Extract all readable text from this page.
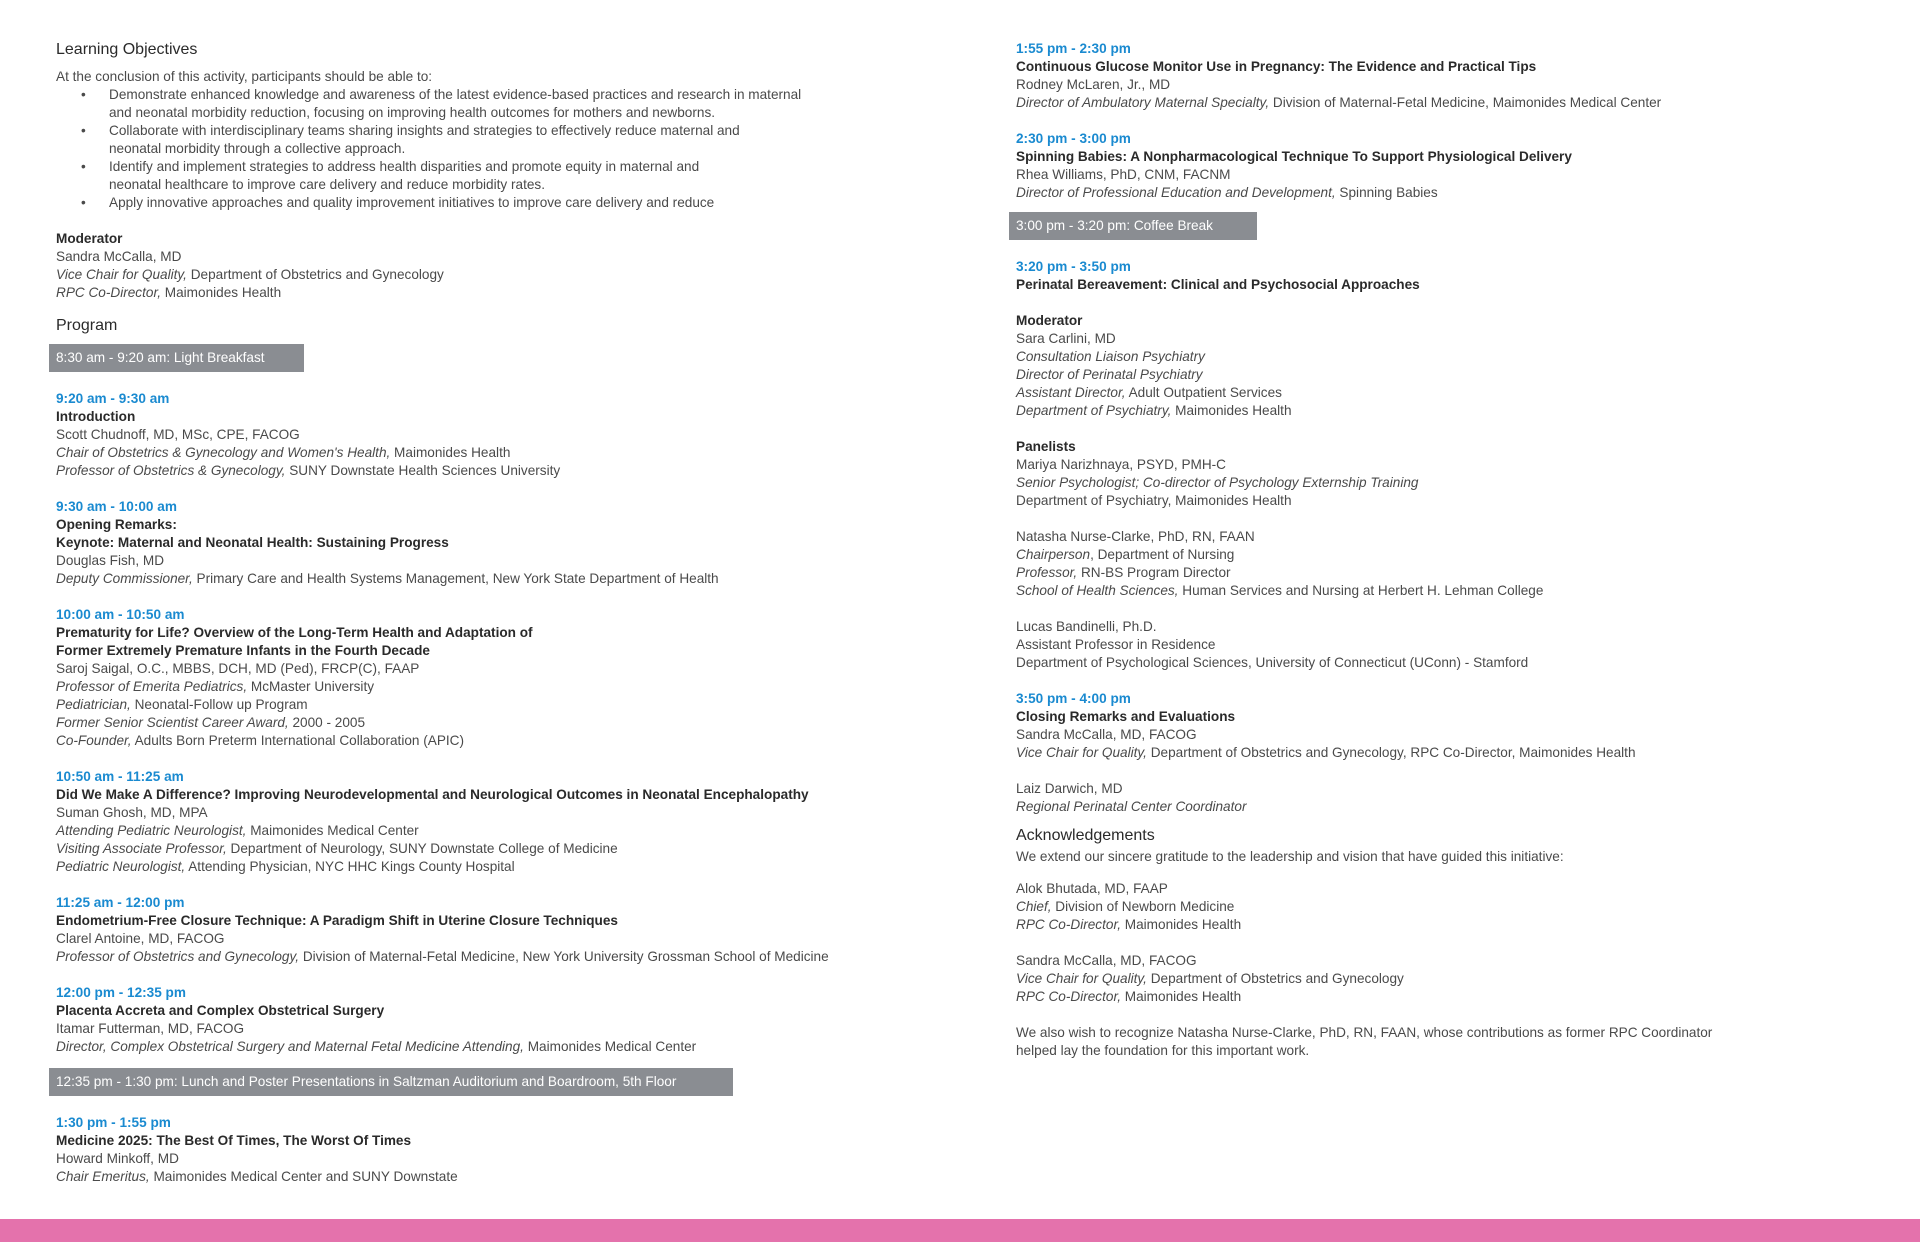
Learning Objectives
At the conclusion of this activity, participants should be able to:
• Demonstrate enhanced knowledge and awareness of the latest evidence-based practices and research in maternal
and neonatal morbidity reduction, focusing on improving health outcomes for mothers and newborns.
• Collaborate with interdisciplinary teams sharing insights and strategies to effectively reduce maternal and
neonatal morbidity through a collective approach.
• Identify and implement strategies to address health disparities and promote equity in maternal and
neonatal healthcare to improve care delivery and reduce morbidity rates.
• Apply innovative approaches and quality improvement initiatives to improve care delivery and reduce
Moderator
Sandra McCalla, MD
Vice Chair for Quality, Department of Obstetrics and Gynecology
RPC Co-Director, Maimonides Health
Program
8:30 am - 9:20 am: Light Breakfast
9:20 am - 9:30 am
Introduction
Scott Chudnoff, MD, MSc, CPE, FACOG
Chair of Obstetrics & Gynecology and Women's Health, Maimonides Health
Professor of Obstetrics & Gynecology, SUNY Downstate Health Sciences University
9:30 am - 10:00 am
Opening Remarks:
Keynote: Maternal and Neonatal Health: Sustaining Progress
Douglas Fish, MD
Deputy Commissioner, Primary Care and Health Systems Management, New York State Department of Health
10:00 am - 10:50 am
Prematurity for Life? Overview of the Long-Term Health and Adaptation of
Former Extremely Premature Infants in the Fourth Decade
Saroj Saigal, O.C., MBBS, DCH, MD (Ped), FRCP(C), FAAP
Professor of Emerita Pediatrics, McMaster University
Pediatrician, Neonatal-Follow up Program
Former Senior Scientist Career Award, 2000 - 2005
Co-Founder, Adults Born Preterm International Collaboration (APIC)
10:50 am - 11:25 am
Did We Make A Difference? Improving Neurodevelopmental and Neurological Outcomes in Neonatal Encephalopathy
Suman Ghosh, MD, MPA
Attending Pediatric Neurologist, Maimonides Medical Center
Visiting Associate Professor, Department of Neurology, SUNY Downstate College of Medicine
Pediatric Neurologist, Attending Physician, NYC HHC Kings County Hospital
11:25 am - 12:00 pm
Endometrium-Free Closure Technique: A Paradigm Shift in Uterine Closure Techniques
Clarel Antoine, MD, FACOG
Professor of Obstetrics and Gynecology, Division of Maternal-Fetal Medicine, New York University Grossman School of Medicine
12:00 pm - 12:35 pm
Placenta Accreta and Complex Obstetrical Surgery
Itamar Futterman, MD, FACOG
Director, Complex Obstetrical Surgery and Maternal Fetal Medicine Attending, Maimonides Medical Center
12:35 pm - 1:30 pm: Lunch and Poster Presentations in Saltzman Auditorium and Boardroom, 5th Floor
1:30 pm - 1:55 pm
Medicine 2025: The Best Of Times, The Worst Of Times
Howard Minkoff, MD
Chair Emeritus, Maimonides Medical Center and SUNY Downstate
1:55 pm - 2:30 pm
Continuous Glucose Monitor Use in Pregnancy: The Evidence and Practical Tips
Rodney McLaren, Jr., MD
Director of Ambulatory Maternal Specialty, Division of Maternal-Fetal Medicine, Maimonides Medical Center
2:30 pm - 3:00 pm
Spinning Babies: A Nonpharmacological Technique To Support Physiological Delivery
Rhea Williams, PhD, CNM, FACNM
Director of Professional Education and Development, Spinning Babies
3:00 pm - 3:20 pm: Coffee Break
3:20 pm - 3:50 pm
Perinatal Bereavement: Clinical and Psychosocial Approaches
Moderator
Sara Carlini, MD
Consultation Liaison Psychiatry
Director of Perinatal Psychiatry
Assistant Director, Adult Outpatient Services
Department of Psychiatry, Maimonides Health
Panelists
Mariya Narizhnaya, PSYD, PMH-C
Senior Psychologist; Co-director of Psychology Externship Training
Department of Psychiatry, Maimonides Health
Natasha Nurse-Clarke, PhD, RN, FAAN
Chairperson, Department of Nursing
Professor, RN-BS Program Director
School of Health Sciences, Human Services and Nursing at Herbert H. Lehman College
Lucas Bandinelli, Ph.D.
Assistant Professor in Residence
Department of Psychological Sciences, University of Connecticut (UConn) - Stamford
3:50 pm - 4:00 pm
Closing Remarks and Evaluations
Sandra McCalla, MD, FACOG
Vice Chair for Quality, Department of Obstetrics and Gynecology, RPC Co-Director, Maimonides Health
Laiz Darwich, MD
Regional Perinatal Center Coordinator
Acknowledgements
We extend our sincere gratitude to the leadership and vision that have guided this initiative:
Alok Bhutada, MD, FAAP
Chief, Division of Newborn Medicine
RPC Co-Director, Maimonides Health
Sandra McCalla, MD, FACOG
Vice Chair for Quality, Department of Obstetrics and Gynecology
RPC Co-Director, Maimonides Health
We also wish to recognize Natasha Nurse-Clarke, PhD, RN, FAAN, whose contributions as former RPC Coordinator
helped lay the foundation for this important work.
